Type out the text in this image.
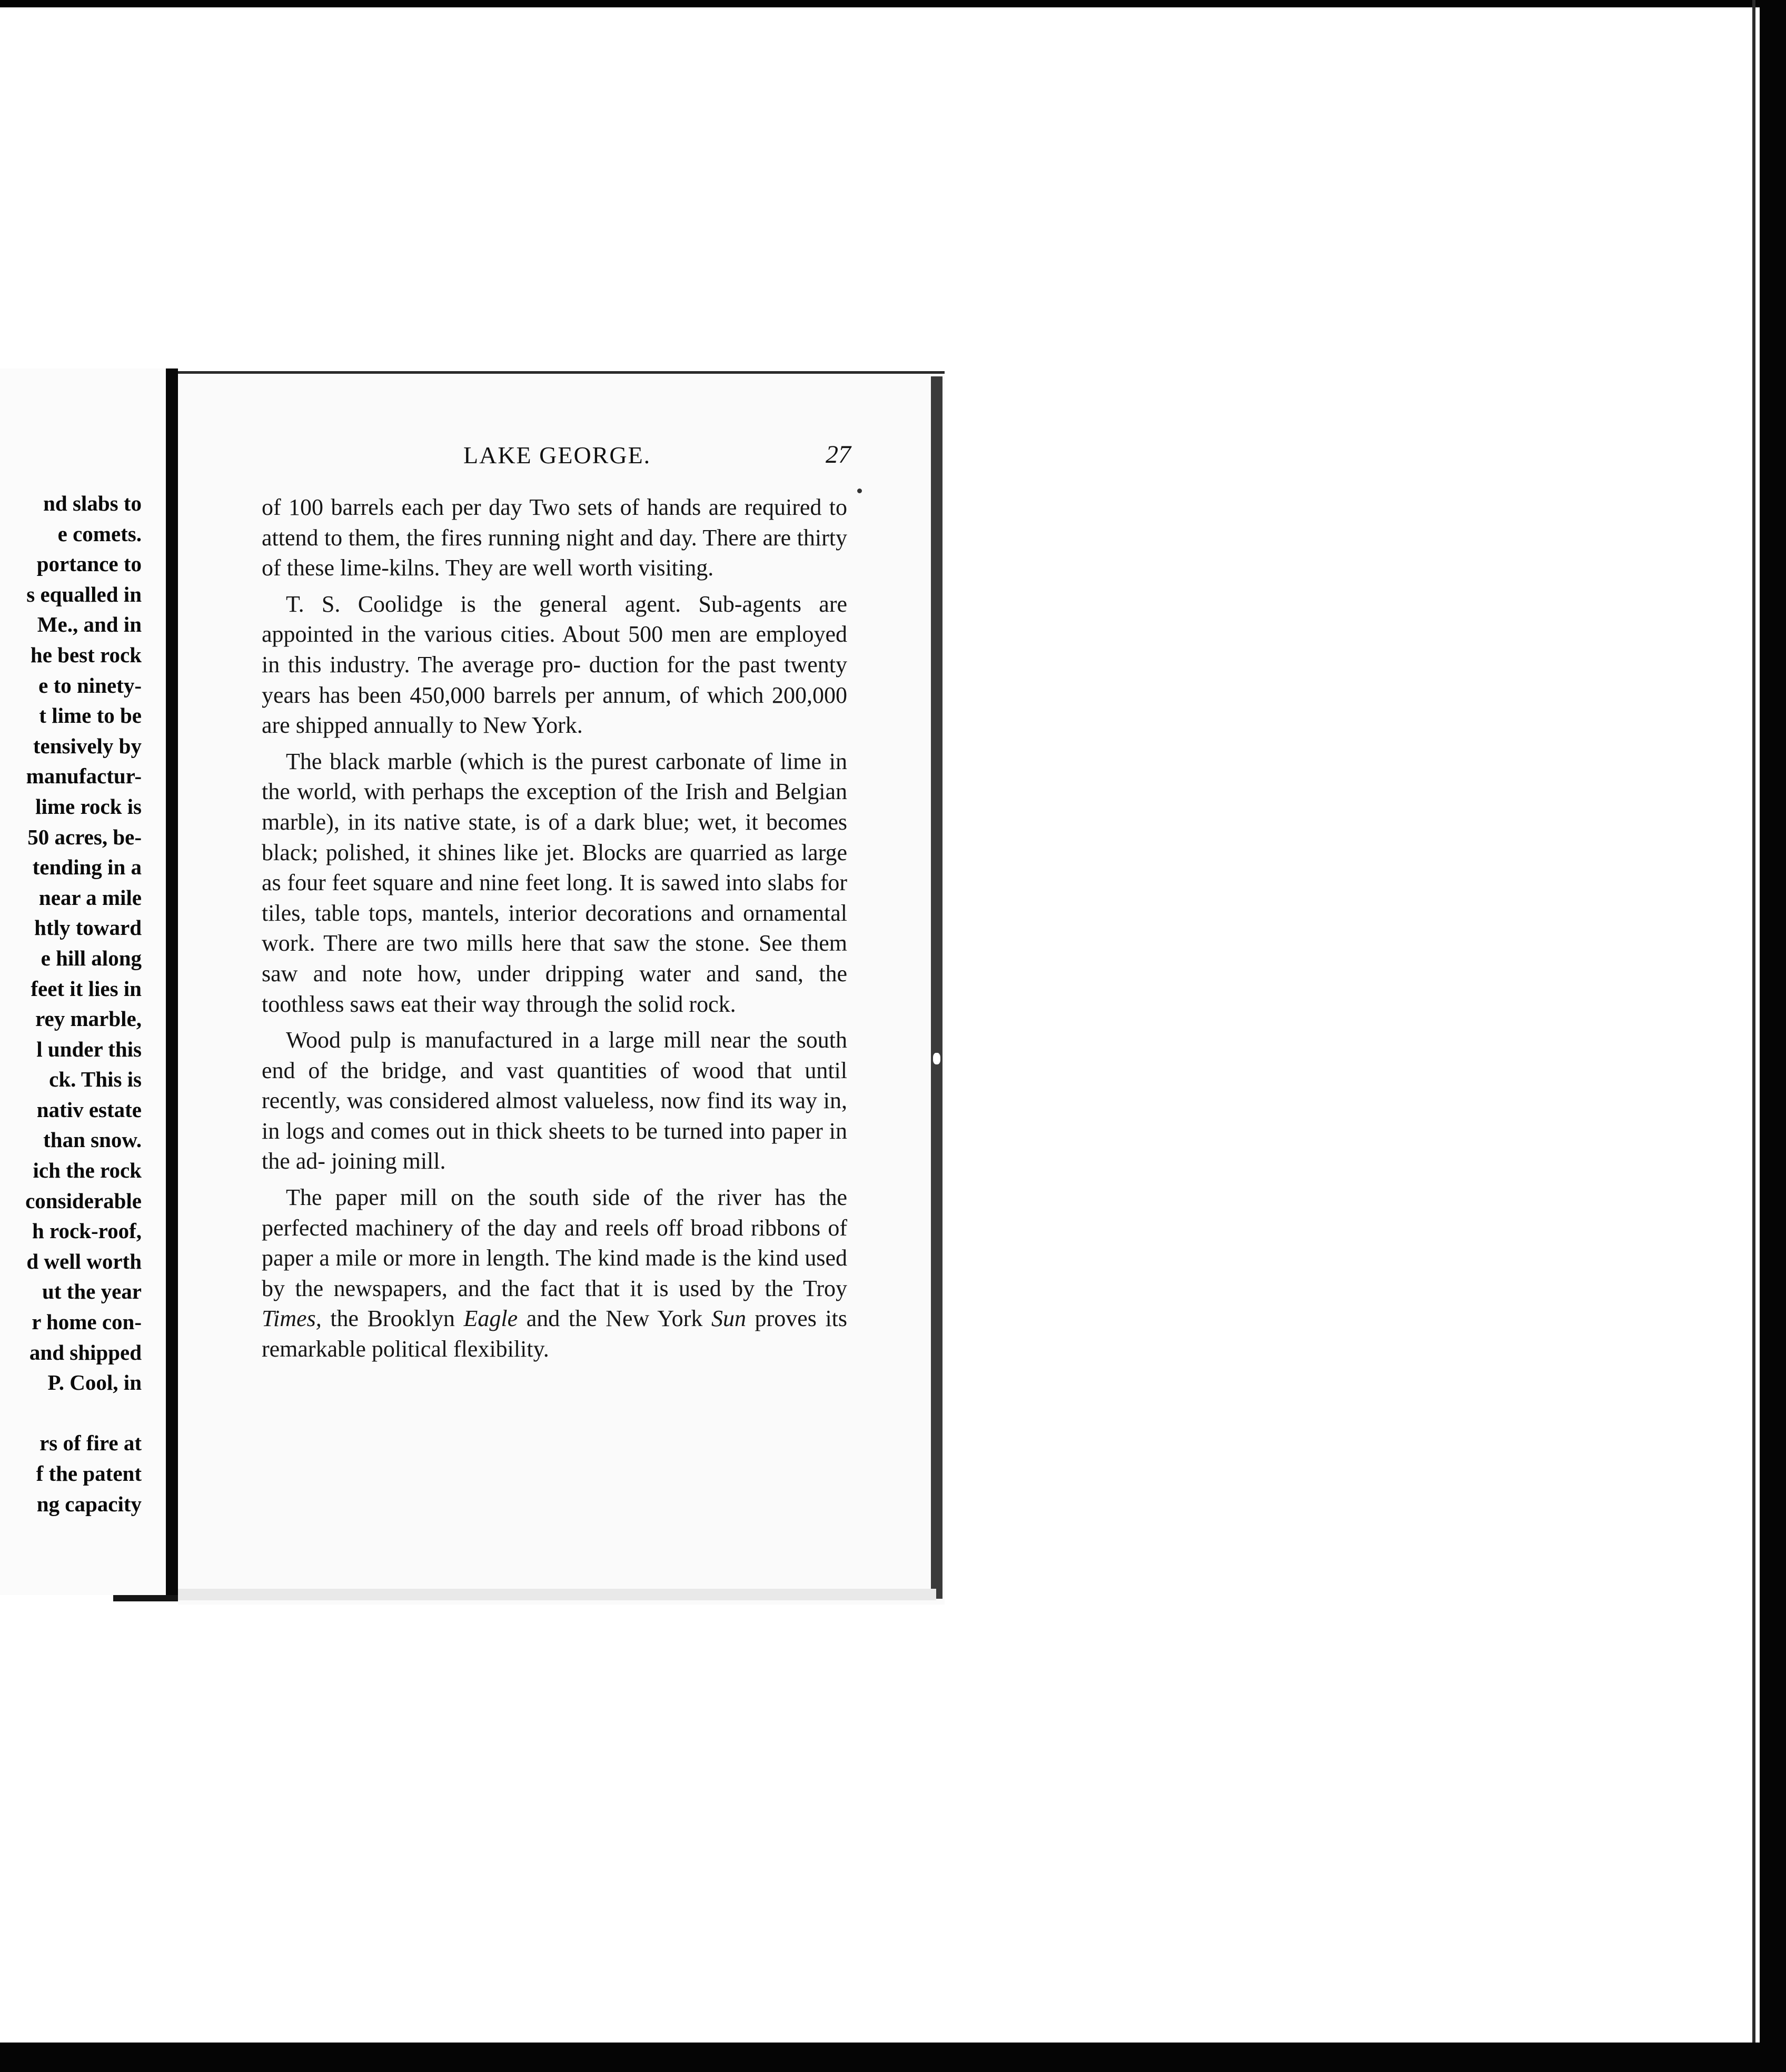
nd slabs to
e comets.
portance to
s equalled in
Me., and in
he best rock
e to ninety-
t lime to be
tensively by
manufactur-
lime rock is
50 acres, be-
tending in a
near a mile
htly toward
e hill along
feet it lies in
rey marble,
l under this
ck. This is
nativ estate
than snow.
ich the rock
considerable
h rock-roof,
d well worth
ut the year
r home con-
and shipped
P. Cool, in
rs of fire at
f the patent
ng capacity
LAKE GEORGE.	27

of 100 barrels each per day Two sets of hands are required to attend to them, the fires running night and day. There are thirty of these lime-kilns. They are well worth visiting.

T. S. Coolidge is the general agent. Sub-agents are appointed in the various cities. About 500 men are employed in this industry. The average pro- duction for the past twenty years has been 450,000 barrels per annum, of which 200,000 are shipped annually to New York.

The black marble (which is the purest carbonate of lime in the world, with perhaps the exception of the Irish and Belgian marble), in its native state, is of a dark blue; wet, it becomes black; polished, it shines like jet. Blocks are quarried as large as four feet square and nine feet long. It is sawed into slabs for tiles, table tops, mantels, interior decorations and ornamental work. There are two mills here that saw the stone. See them saw and note how, under dripping water and sand, the toothless saws eat their way through the solid rock.

Wood pulp is manufactured in a large mill near the south end of the bridge, and vast quantities of wood that until recently, was considered almost valueless, now find its way in, in logs and comes out in thick sheets to be turned into paper in the ad- joining mill.

The paper mill on the south side of the river has the perfected machinery of the day and reels off broad ribbons of paper a mile or more in length. The kind made is the kind used by the newspapers, and the fact that it is used by the Troy Times, the Brooklyn Eagle and the New York Sun proves its remarkable political flexibility.
